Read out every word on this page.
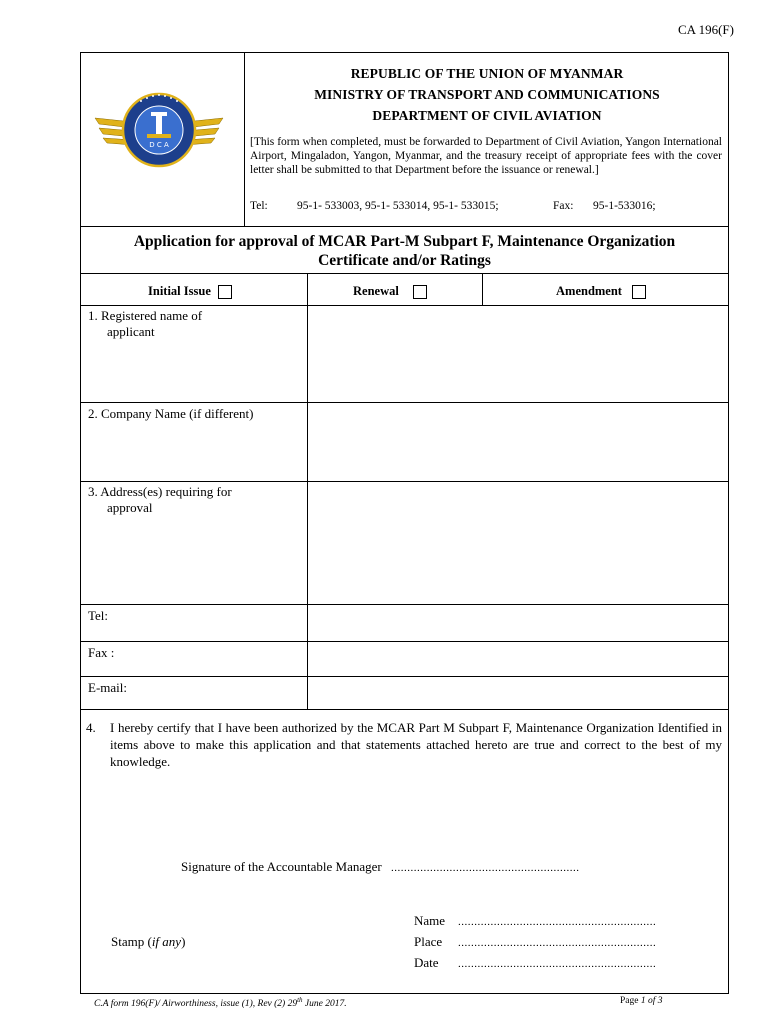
CA 196(F)
D C A
REPUBLIC OF THE UNION OF MYANMAR
MINISTRY OF TRANSPORT AND COMMUNICATIONS
DEPARTMENT OF CIVIL AVIATION
[This form when completed, must be forwarded to Department of Civil Aviation, Yangon International Airport, Mingaladon, Yangon, Myanmar, and the treasury receipt of appropriate fees with the cover letter shall be submitted to that Department before the issuance or renewal.]
Tel:	95-1- 533003, 95-1- 533014, 95-1- 533015;	Fax: 95-1-533016;
Application for approval of MCAR Part-M Subpart F, Maintenance Organization
Certificate and/or Ratings
Initial Issue	Renewal	Amendment
1. Registered name of
applicant
2. Company Name (if different)
3. Address(es) requiring for
approval
Tel:
Fax :
E-mail:
4.	I hereby certify that I have been authorized by the MCAR Part M Subpart F, Maintenance Organization Identified in items above to make this application and that statements attached hereto are true and correct to the best of my knowledge.
Signature of the Accountable Manager ..........................................................
Name .............................................................
Place .............................................................
Date .............................................................
Stamp (if any)
C.A form 196(F)/ Airworthiness, issue (1), Rev (2) 29th June 2017.	Page 1 of 3
